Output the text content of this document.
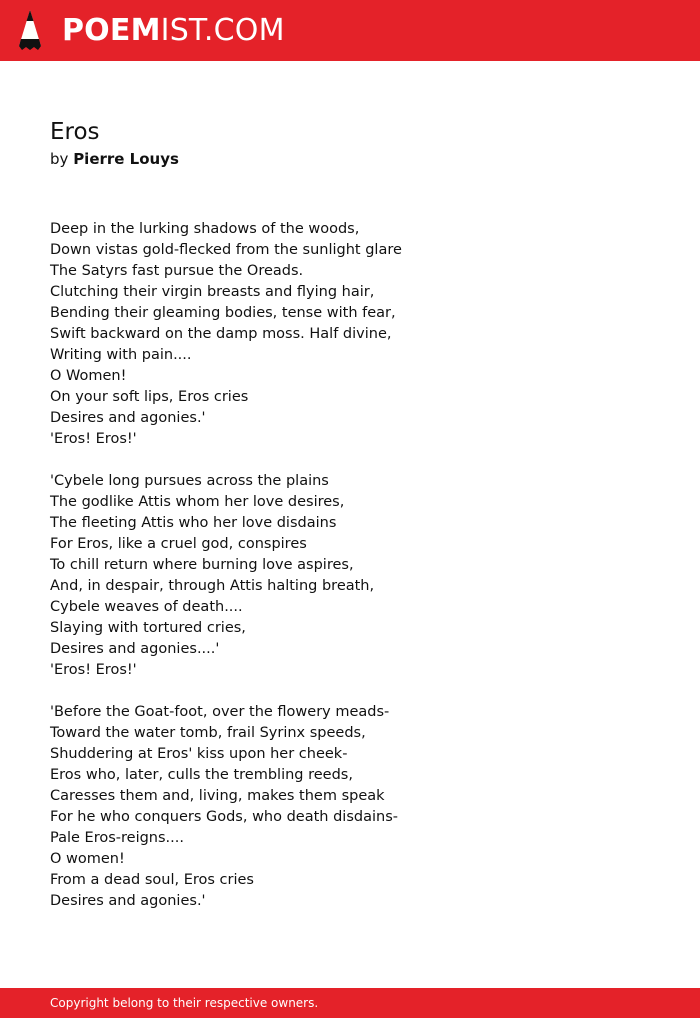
POEMIST.COM
Eros
by Pierre Louys
Deep in the lurking shadows of the woods,
Down vistas gold-flecked from the sunlight glare
The Satyrs fast pursue the Oreads.
Clutching their virgin breasts and flying hair,
Bending their gleaming bodies, tense with fear,
Swift backward on the damp moss. Half divine,
Writing with pain....
O Women!
On your soft lips, Eros cries
Desires and agonies.'
'Eros! Eros!'
'Cybele long pursues across the plains
The godlike Attis whom her love desires,
The fleeting Attis who her love disdains
For Eros, like a cruel god, conspires
To chill return where burning love aspires,
And, in despair, through Attis halting breath,
Cybele weaves of death....
Slaying with tortured cries,
Desires and agonies....'
'Eros! Eros!'
'Before the Goat-foot, over the flowery meads-
Toward the water tomb, frail Syrinx speeds,
Shuddering at Eros' kiss upon her cheek-
Eros who, later, culls the trembling reeds,
Caresses them and, living, makes them speak
For he who conquers Gods, who death disdains-
Pale Eros-reigns....
O women!
From a dead soul, Eros cries
Desires and agonies.'
Copyright belong to their respective owners.
